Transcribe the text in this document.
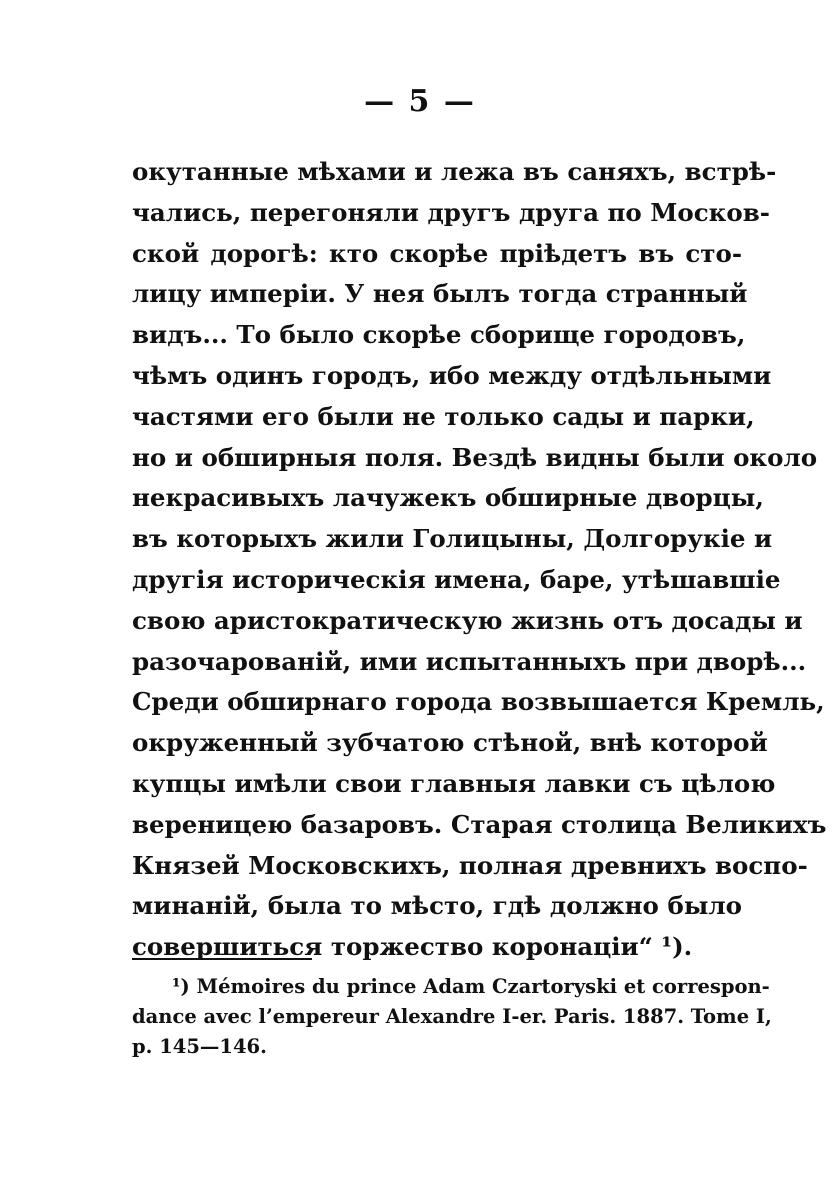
— 5 —
окутанные мѣхами и лежа въ саняхъ, встрѣ-
чались, перегоняли другъ друга по Москов-
ской дорогѣ: кто скорѣе пріѣдетъ въ сто-
лицу имперіи. У нея былъ тогда странный
видъ... То было скорѣе сборище городовъ,
чѣмъ одинъ городъ, ибо между отдѣльными
частями его были не только сады и парки,
но и обширныя поля. Вездѣ видны были около
некрасивыхъ лачужекъ обширные дворцы,
въ которыхъ жили Голицыны, Долгорукіе и
другія историческія имена, баре, утѣшавшіе
свою аристократическую жизнь отъ досады и
разочарованій, ими испытанныхъ при дворѣ...
Среди обширнаго города возвышается Кремль,
окруженный зубчатою стѣной, внѣ которой
купцы имѣли свои главныя лавки съ цѣлою
вереницею базаровъ. Старая столица Великихъ
Князей Московскихъ, полная древнихъ воспо-
минаній, была то мѣсто, гдѣ должно было
совершиться торжество коронаціи“ ¹).
¹) Mémoires du prince Adam Czartoryski et correspon-
dance avec l’empereur Alexandre I-er. Paris. 1887. Tome I,
p. 145—146.
